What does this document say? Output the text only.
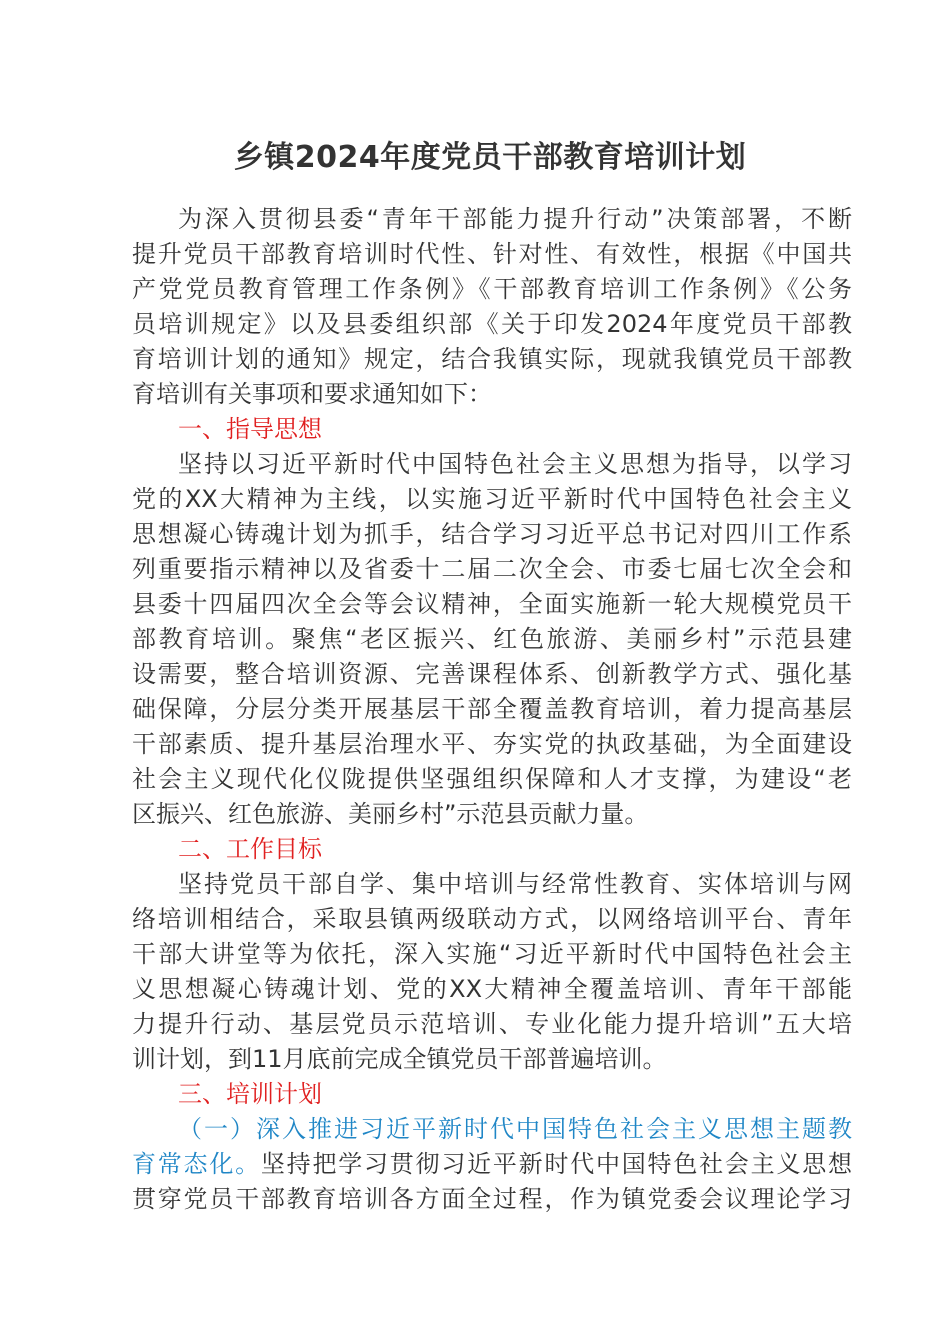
乡镇2024年度党员干部教育培训计划
为深入贯彻县委“青年干部能力提升行动”决策部署，不断
提升党员干部教育培训时代性、针对性、有效性，根据《中国共
产党党员教育管理工作条例》《干部教育培训工作条例》《公务
员培训规定》以及县委组织部《关于印发2024年度党员干部教
育培训计划的通知》规定，结合我镇实际，现就我镇党员干部教
育培训有关事项和要求通知如下：
一、指导思想
坚持以习近平新时代中国特色社会主义思想为指导，以学习
党的XX大精神为主线，以实施习近平新时代中国特色社会主义
思想凝心铸魂计划为抓手，结合学习习近平总书记对四川工作系
列重要指示精神以及省委十二届二次全会、市委七届七次全会和
县委十四届四次全会等会议精神，全面实施新一轮大规模党员干
部教育培训。聚焦“老区振兴、红色旅游、美丽乡村”示范县建
设需要，整合培训资源、完善课程体系、创新教学方式、强化基
础保障，分层分类开展基层干部全覆盖教育培训，着力提高基层
干部素质、提升基层治理水平、夯实党的执政基础，为全面建设
社会主义现代化仪陇提供坚强组织保障和人才支撑，为建设“老
区振兴、红色旅游、美丽乡村”示范县贡献力量。
二、工作目标
坚持党员干部自学、集中培训与经常性教育、实体培训与网
络培训相结合，采取县镇两级联动方式，以网络培训平台、青年
干部大讲堂等为依托，深入实施“习近平新时代中国特色社会主
义思想凝心铸魂计划、党的XX大精神全覆盖培训、青年干部能
力提升行动、基层党员示范培训、专业化能力提升培训”五大培
训计划，到11月底前完成全镇党员干部普遍培训。
三、培训计划
（一）深入推进习近平新时代中国特色社会主义思想主题教
育常态化。坚持把学习贯彻习近平新时代中国特色社会主义思想
贯穿党员干部教育培训各方面全过程，作为镇党委会议理论学习
